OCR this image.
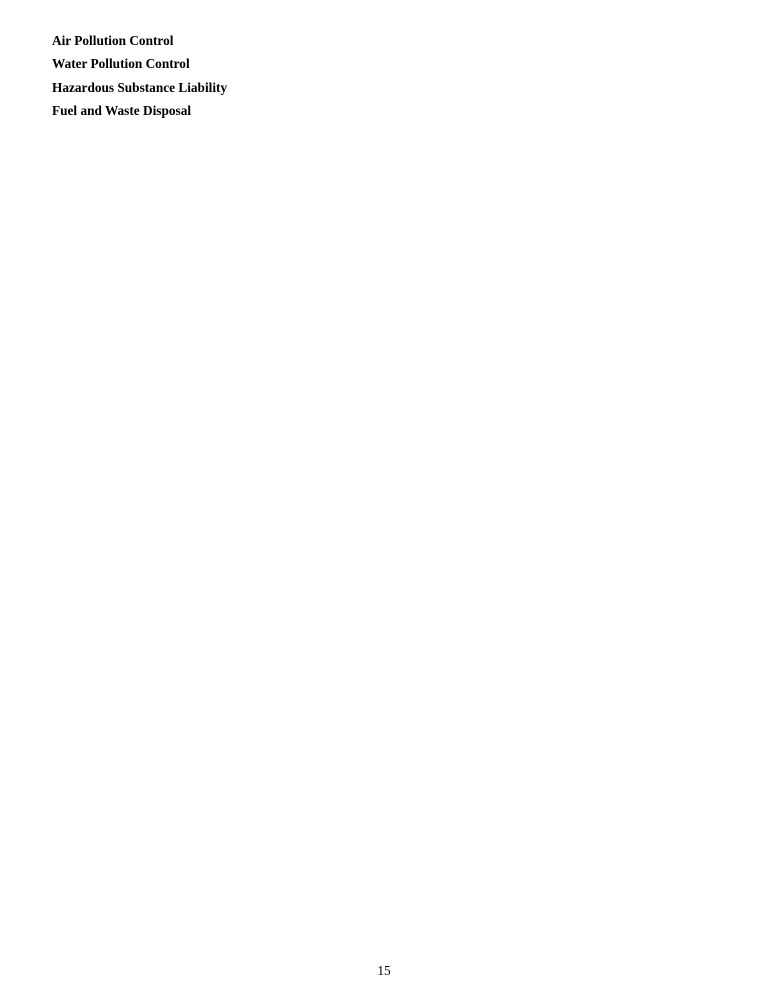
Air Pollution Control
Water Pollution Control
Hazardous Substance Liability
Fuel and Waste Disposal
15
